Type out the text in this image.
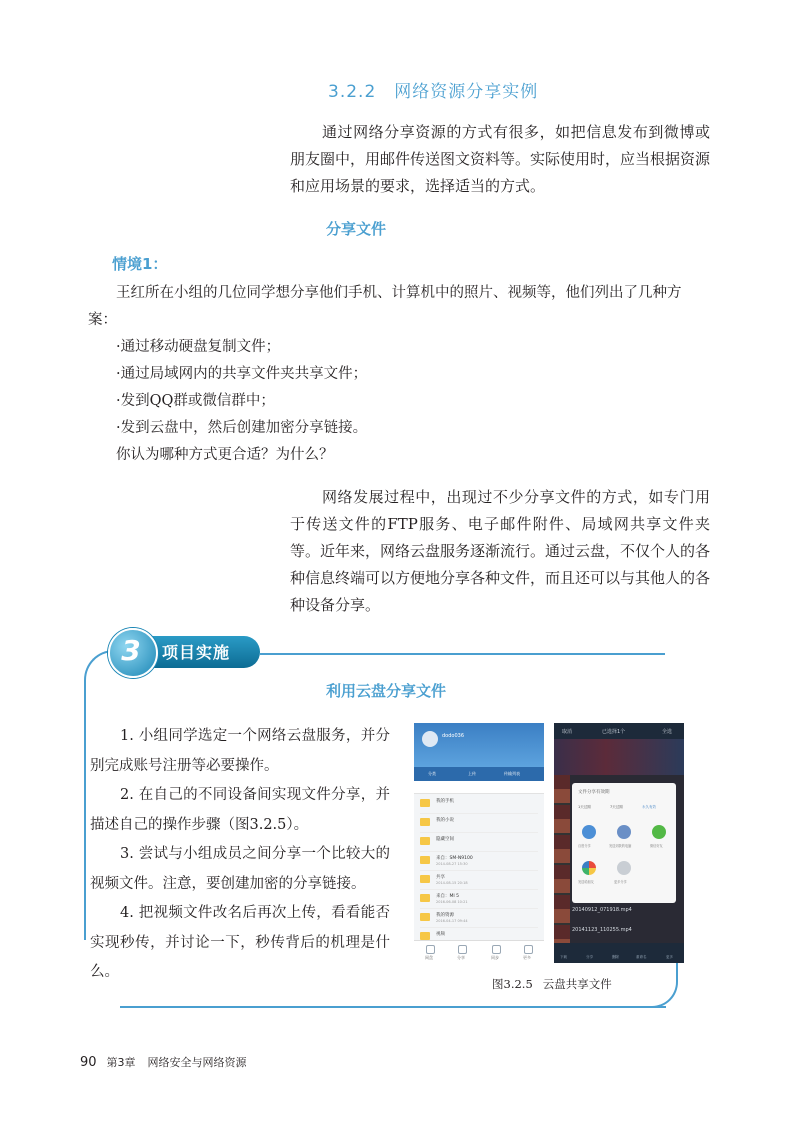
3.2.2 网络资源分享实例
通过网络分享资源的方式有很多，如把信息发布到微博或朋友圈中，用邮件传送图文资料等。实际使用时，应当根据资源和应用场景的要求，选择适当的方式。
分享文件
情境1：
王红所在小组的几位同学想分享他们手机、计算机中的照片、视频等，他们列出了几种方案：
·通过移动硬盘复制文件；
·通过局域网内的共享文件夹共享文件；
·发到QQ群或微信群中；
·发到云盘中，然后创建加密分享链接。
你认为哪种方式更合适？为什么？
网络发展过程中，出现过不少分享文件的方式，如专门用于传送文件的FTP服务、电子邮件附件、局域网共享文件夹等。近年来，网络云盘服务逐渐流行。通过云盘，不仅个人的各种信息终端可以方便地分享各种文件，而且还可以与其他人的各种设备分享。
3	项目实施
利用云盘分享文件

1. 小组同学选定一个网络云盘服务，并分别完成账号注册等必要操作。

2. 在自己的不同设备间实现文件分享，并描述自己的操作步骤（图3.2.5）。

3. 尝试与小组成员之间分享一个比较大的视频文件。注意，要创建加密的分享链接。

4. 把视频文件改名后再次上传，看看能否实现秒传，并讨论一下，秒传背后的机理是什么。

dodo036
分类	上传	传输列表
我的手机
我的小说
隐藏空间
来自：SM-N9100
2014-08-27 15:30
共享
2014-08-15 20:18
来自：MI 5
2016-06-08 10:21
我的资源
2016-04-17 09:44
视频
网盘	分享	同步	更多
取消	已选择1个	全选
文件分享有效期
1天过期	7天过期	永久有效
百度分享	发送到我的电脑	微信好友
发送给朋友	更多分享
20140912_071918.mp4
20141123_110255.mp4
下载	分享	删除	重命名	更多
图3.2.5 云盘共享文件
90 第3章 网络安全与网络资源
